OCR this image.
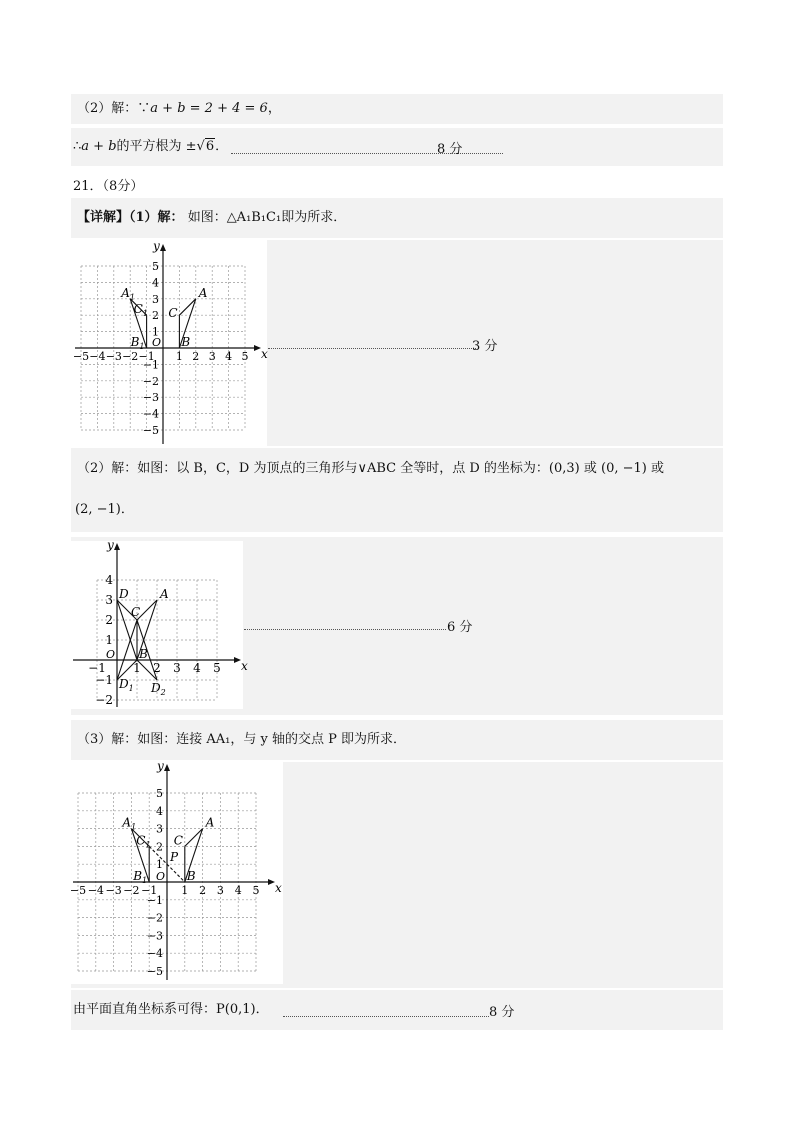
（2）解：∵a + b = 2 + 4 = 6，
∴a + b的平方根为 ±√6．	8 分
21．（8分）
【详解】（1）解： 如图：△A₁B₁C₁即为所求．
x
y
O
−5 −4 −3 −2 −1 1 2 3 4 5
5
4
3
2
1
−1
−2
−3
−4
−5
A
B
C
$A_1$
$B_1$
$C_1$
3 分
（2）解：如图：以 B，C，D 为顶点的三角形与∨ABC 全等时，点 D 的坐标为：(0,3) 或 (0, −1) 或
(2, −1)．
x
y
O
−1 1 2 3 4 5
4
3
2
1
−1
−2
A
B
C
D
$D_1$ $D_2$
6 分
（3）解：如图：连接 AA₁，与 y 轴的交点 P 即为所求．
x
y
O
−5 −4 −3 −2 −1 1 2 3 4 5
5
4
3
2
1
−1
−2
−3
−4
−5
A
B
C
P
$A_1$
$B_1$
$C_1$
由平面直角坐标系可得：P(0,1)．	8 分
